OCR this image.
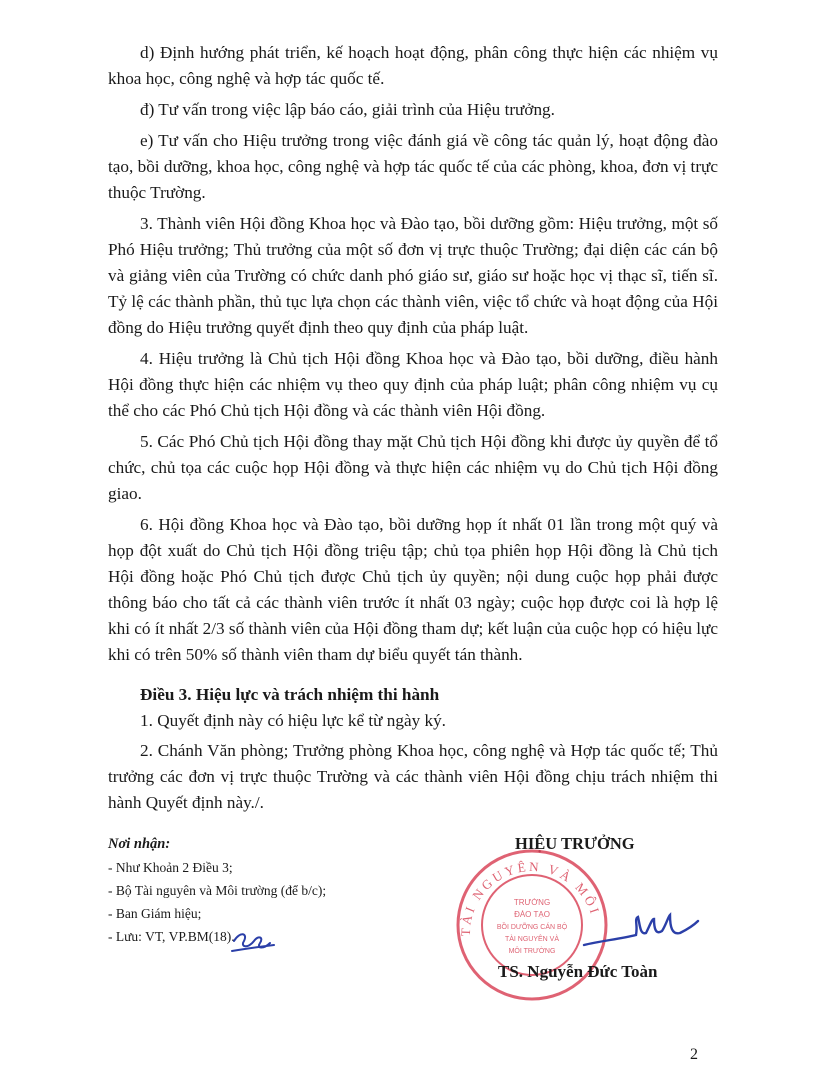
d) Định hướng phát triển, kế hoạch hoạt động, phân công thực hiện các nhiệm vụ khoa học, công nghệ và hợp tác quốc tế.

đ) Tư vấn trong việc lập báo cáo, giải trình của Hiệu trưởng.

e) Tư vấn cho Hiệu trưởng trong việc đánh giá về công tác quản lý, hoạt động đào tạo, bồi dưỡng, khoa học, công nghệ và hợp tác quốc tế của các phòng, khoa, đơn vị trực thuộc Trường.

3. Thành viên Hội đồng Khoa học và Đào tạo, bồi dưỡng gồm: Hiệu trưởng, một số Phó Hiệu trưởng; Thủ trưởng của một số đơn vị trực thuộc Trường; đại diện các cán bộ và giảng viên của Trường có chức danh phó giáo sư, giáo sư hoặc học vị thạc sĩ, tiến sĩ. Tỷ lệ các thành phần, thủ tục lựa chọn các thành viên, việc tổ chức và hoạt động của Hội đồng do Hiệu trưởng quyết định theo quy định của pháp luật.

4. Hiệu trưởng là Chủ tịch Hội đồng Khoa học và Đào tạo, bồi dưỡng, điều hành Hội đồng thực hiện các nhiệm vụ theo quy định của pháp luật; phân công nhiệm vụ cụ thể cho các Phó Chủ tịch Hội đồng và các thành viên Hội đồng.

5. Các Phó Chủ tịch Hội đồng thay mặt Chủ tịch Hội đồng khi được ủy quyền để tổ chức, chủ tọa các cuộc họp Hội đồng và thực hiện các nhiệm vụ do Chủ tịch Hội đồng giao.

6. Hội đồng Khoa học và Đào tạo, bồi dưỡng họp ít nhất 01 lần trong một quý và họp đột xuất do Chủ tịch Hội đồng triệu tập; chủ tọa phiên họp Hội đồng là Chủ tịch Hội đồng hoặc Phó Chủ tịch được Chủ tịch ủy quyền; nội dung cuộc họp phải được thông báo cho tất cả các thành viên trước ít nhất 03 ngày; cuộc họp được coi là hợp lệ khi có ít nhất 2/3 số thành viên của Hội đồng tham dự; kết luận của cuộc họp có hiệu lực khi có trên 50% số thành viên tham dự biểu quyết tán thành.

Điều 3. Hiệu lực và trách nhiệm thi hành

1. Quyết định này có hiệu lực kể từ ngày ký.

2. Chánh Văn phòng; Trưởng phòng Khoa học, công nghệ và Hợp tác quốc tế; Thủ trưởng các đơn vị trực thuộc Trường và các thành viên Hội đồng chịu trách nhiệm thi hành Quyết định này./.

Nơi nhận:
- Như Khoản 2 Điều 3;
- Bộ Tài nguyên và Môi trường (để b/c);
- Ban Giám hiệu;
- Lưu: VT, VP.BM(18).
HIỆU TRƯỞNG
TÀI NGUYÊN VÀ MÔI
TRƯỜNG
ĐÀO TẠO
BỒI DƯỠNG CÁN BỘ
TÀI NGUYÊN VÀ
MÔI TRƯỜNG
TS. Nguyễn Đức Toàn
2
